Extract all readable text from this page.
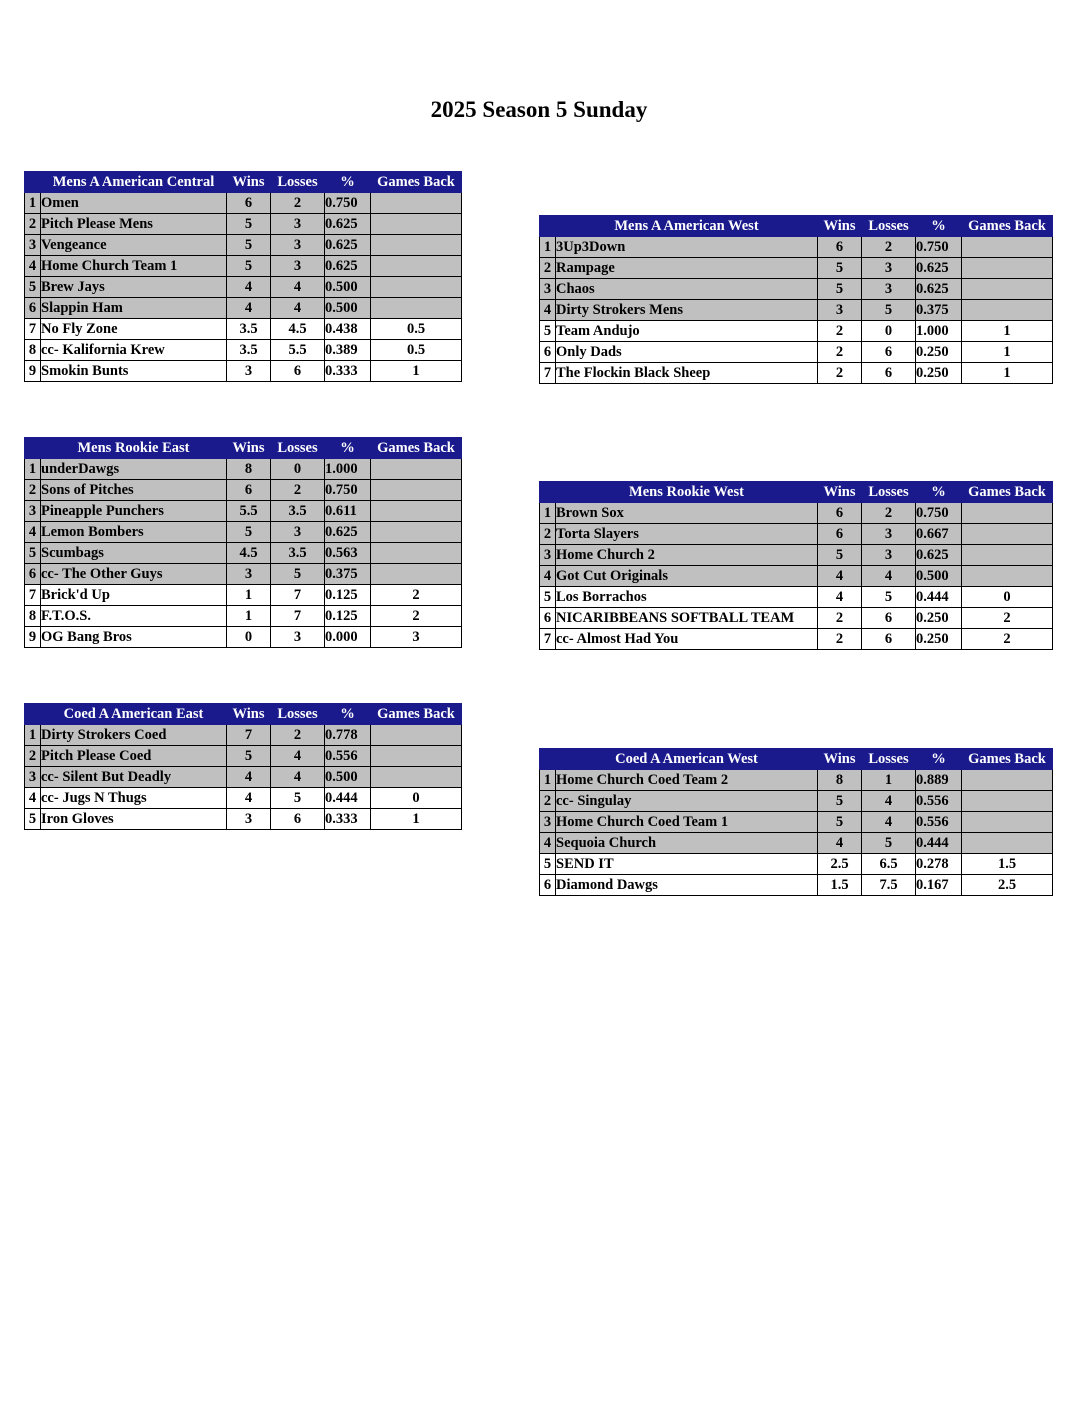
2025 Season 5 Sunday
	Mens A American Central	Wins	Losses	%	Games Back
1	Omen	6	2	0.750	
2	Pitch Please Mens	5	3	0.625	
3	Vengeance	5	3	0.625	
4	Home Church Team 1	5	3	0.625	
5	Brew Jays	4	4	0.500	
6	Slappin Ham	4	4	0.500	
7	No Fly Zone	3.5	4.5	0.438	0.5
8	cc- Kalifornia Krew	3.5	5.5	0.389	0.5
9	Smokin Bunts	3	6	0.333	1
	Mens A American West	Wins	Losses	%	Games Back
1	3Up3Down	6	2	0.750	
2	Rampage	5	3	0.625	
3	Chaos	5	3	0.625	
4	Dirty Strokers Mens	3	5	0.375	
5	Team Andujo	2	0	1.000	1
6	Only Dads	2	6	0.250	1
7	The Flockin Black Sheep	2	6	0.250	1
	Mens Rookie East	Wins	Losses	%	Games Back
1	underDawgs	8	0	1.000	
2	Sons of Pitches	6	2	0.750	
3	Pineapple Punchers	5.5	3.5	0.611	
4	Lemon Bombers	5	3	0.625	
5	Scumbags	4.5	3.5	0.563	
6	cc- The Other Guys	3	5	0.375	
7	Brick'd Up	1	7	0.125	2
8	F.T.O.S.	1	7	0.125	2
9	OG Bang Bros	0	3	0.000	3
	Mens Rookie West	Wins	Losses	%	Games Back
1	Brown Sox	6	2	0.750	
2	Torta Slayers	6	3	0.667	
3	Home Church 2	5	3	0.625	
4	Got Cut Originals	4	4	0.500	
5	Los Borrachos	4	5	0.444	0
6	NICARIBBEANS SOFTBALL TEAM	2	6	0.250	2
7	cc- Almost Had You	2	6	0.250	2
	Coed A American East	Wins	Losses	%	Games Back
1	Dirty Strokers Coed	7	2	0.778	
2	Pitch Please Coed	5	4	0.556	
3	cc- Silent But Deadly	4	4	0.500	
4	cc- Jugs N Thugs	4	5	0.444	0
5	Iron Gloves	3	6	0.333	1
	Coed A American West	Wins	Losses	%	Games Back
1	Home Church Coed Team 2	8	1	0.889	
2	cc- Singulay	5	4	0.556	
3	Home Church Coed Team 1	5	4	0.556	
4	Sequoia Church	4	5	0.444	
5	SEND IT	2.5	6.5	0.278	1.5
6	Diamond Dawgs	1.5	7.5	0.167	2.5
